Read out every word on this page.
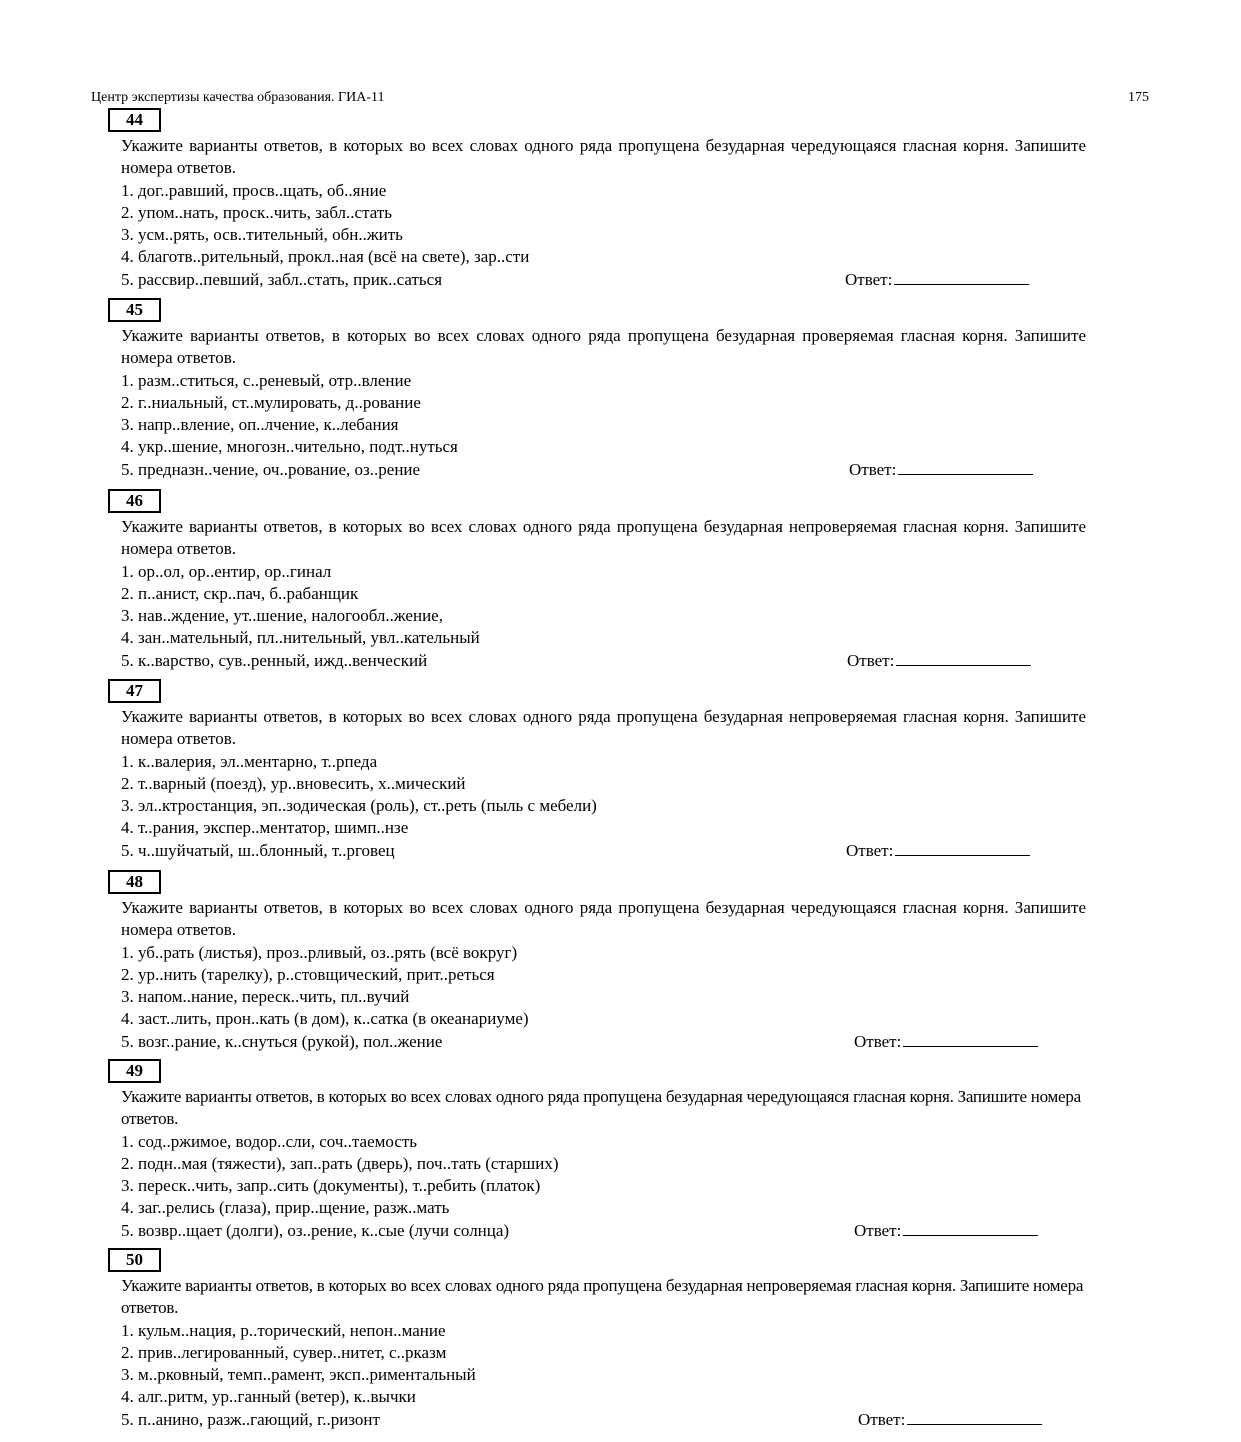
Центр экспертизы качества образования. ГИА-11	175
44
Укажите варианты ответов, в которых во всех словах одного ряда пропущена безударная чередующаяся гласная корня. Запишите номера ответов.
1. дог..равший, просв..щать, об..яние
2. упом..нать, проск..чить, забл..стать
3. усм..рять, осв..тительный, обн..жить
4. благотв..рительный, прокл..ная (всё на свете), зар..сти
5. рассвир..певший, забл..стать, прик..саться	Ответ:
45
Укажите варианты ответов, в которых во всех словах одного ряда пропущена безударная проверяемая гласная корня. Запишите номера ответов.
1. разм..ститься, с..реневый, отр..вление
2. г..ниальный, ст..мулировать, д..рование
3. напр..вление, оп..лчение, к..лебания
4. укр..шение, многозн..чительно, подт..нуться
5. предназн..чение, оч..рование, оз..рение	Ответ:
46
Укажите варианты ответов, в которых во всех словах одного ряда пропущена безударная непроверяемая гласная корня. Запишите номера ответов.
1. ор..ол, ор..ентир, ор..гинал
2. п..анист, скр..пач, б..рабанщик
3. нав..ждение, ут..шение, налогообл..жение,
4. зан..мательный, пл..нительный, увл..кательный
5. к..варство, сув..ренный, ижд..венческий	Ответ:
47
Укажите варианты ответов, в которых во всех словах одного ряда пропущена безударная непроверяемая гласная корня. Запишите номера ответов.
1. к..валерия, эл..ментарно, т..рпеда
2. т..варный (поезд), ур..вновесить, х..мический
3. эл..ктростанция, эп..зодическая (роль), ст..реть (пыль с мебели)
4. т..рания, экспер..ментатор, шимп..нзе
5. ч..шуйчатый, ш..блонный, т..рговец	Ответ:
48
Укажите варианты ответов, в которых во всех словах одного ряда пропущена безударная чередующаяся гласная корня. Запишите номера ответов.
1. уб..рать (листья), проз..рливый, оз..рять (всё вокруг)
2. ур..нить (тарелку), р..стовщический, прит..реться
3. напом..нание, переск..чить, пл..вучий
4. заст..лить, прон..кать (в дом), к..сатка (в океанариуме)
5. возг..рание, к..снуться (рукой), пол..жение	Ответ:
49
Укажите варианты ответов, в которых во всех словах одного ряда пропущена безударная чередующаяся гласная корня. Запишите номера ответов.
1. сод..ржимое, водор..сли, соч..таемость
2. подн..мая (тяжести), зап..рать (дверь), поч..тать (старших)
3. переск..чить, запр..сить (документы), т..ребить (платок)
4. заг..релись (глаза), прир..щение, разж..мать
5. возвр..щает (долги), оз..рение, к..сые (лучи солнца)	Ответ:
50
Укажите варианты ответов, в которых во всех словах одного ряда пропущена безударная непроверяемая гласная корня. Запишите номера ответов.
1. кульм..нация, р..торический, непон..мание
2. прив..легированный, сувер..нитет, с..рказм
3. м..рковный, темп..рамент, эксп..риментальный
4. алг..ритм, ур..ганный (ветер), к..вычки
5. п..анино, разж..гающий, г..ризонт	Ответ:
